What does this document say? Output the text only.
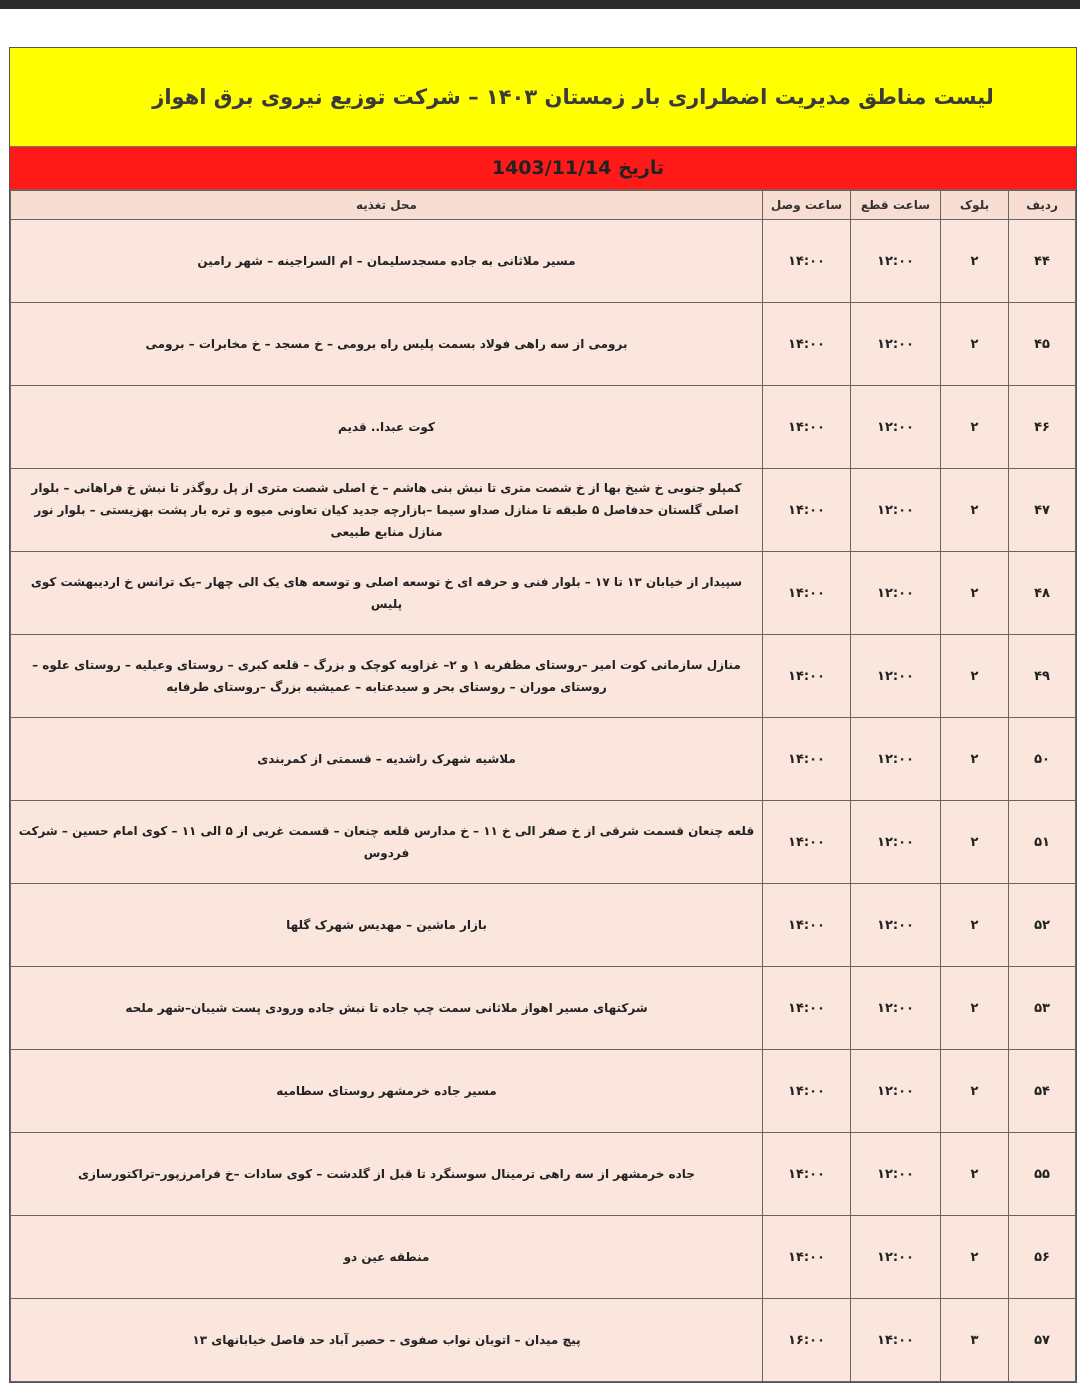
لیست مناطق مدیریت اضطراری بار زمستان ۱۴۰۳ – شرکت توزیع نیروی برق اهواز
تاریخ 1403/11/14
ردیف	بلوک	ساعت قطع	ساعت وصل	محل تغذیه
۴۴	۲	۱۲:۰۰	۱۴:۰۰	مسیر ملاثانی به جاده مسجدسلیمان – ام السراجینه – شهر رامین
۴۵	۲	۱۲:۰۰	۱۴:۰۰	برومی از سه راهی فولاد بسمت پلیس راه برومی – خ مسجد – خ مخابرات – برومی
۴۶	۲	۱۲:۰۰	۱۴:۰۰	کوت عبدا.. قدیم
۴۷	۲	۱۲:۰۰	۱۴:۰۰	کمپلو جنوبی خ شیخ بها از خ شصت متری تا نبش بنی هاشم – خ اصلی شصت متری از پل روگذر تا نبش خ فراهانی – بلوار اصلی گلستان حدفاصل ۵ طبقه تا منازل صداو سیما –بازارچه جدید کیان تعاونی میوه و تره بار پشت بهزیستی – بلوار نور منازل منابع طبیعی
۴۸	۲	۱۲:۰۰	۱۴:۰۰	سپیدار از خیابان ۱۳ تا ۱۷ – بلوار فنی و حرفه ای خ توسعه اصلی و توسعه های یک الی چهار –یک ترانس خ اردیبهشت کوی پلیس
۴۹	۲	۱۲:۰۰	۱۴:۰۰	منازل سازمانی کوت امیر –روستای مظفریه ۱ و ۲– غزاویه کوچک و بزرگ – قلعه کبری – روستای وعیلیه – روستای علوه – روستای موران – روستای بحر و سیدعتابه – عمیشیه بزرگ –روستای طرفایه
۵۰	۲	۱۲:۰۰	۱۴:۰۰	ملاشیه شهرک راشدیه – قسمتی از کمربندی
۵۱	۲	۱۲:۰۰	۱۴:۰۰	قلعه چنعان قسمت شرقی از خ صفر الی خ ۱۱ – خ مدارس قلعه چنعان – قسمت غربی از ۵ الی ۱۱ – کوی امام حسین – شرکت فردوس
۵۲	۲	۱۲:۰۰	۱۴:۰۰	بازار ماشین – مهدیس شهرک گلها
۵۳	۲	۱۲:۰۰	۱۴:۰۰	شرکتهای مسیر اهواز ملاثانی سمت چپ جاده تا نبش جاده ورودی پست شیبان–شهر ملحه
۵۴	۲	۱۲:۰۰	۱۴:۰۰	مسیر جاده خرمشهر روستای سطامیه
۵۵	۲	۱۲:۰۰	۱۴:۰۰	جاده خرمشهر از سه راهی ترمینال سوسنگرد تا قبل از گلدشت – کوی سادات –خ فرامرزپور–تراکتورسازی
۵۶	۲	۱۲:۰۰	۱۴:۰۰	منطقه عین دو
۵۷	۳	۱۴:۰۰	۱۶:۰۰	پیچ میدان – اتوبان نواب صفوی – حصیر آباد حد فاصل خیابانهای ۱۳
